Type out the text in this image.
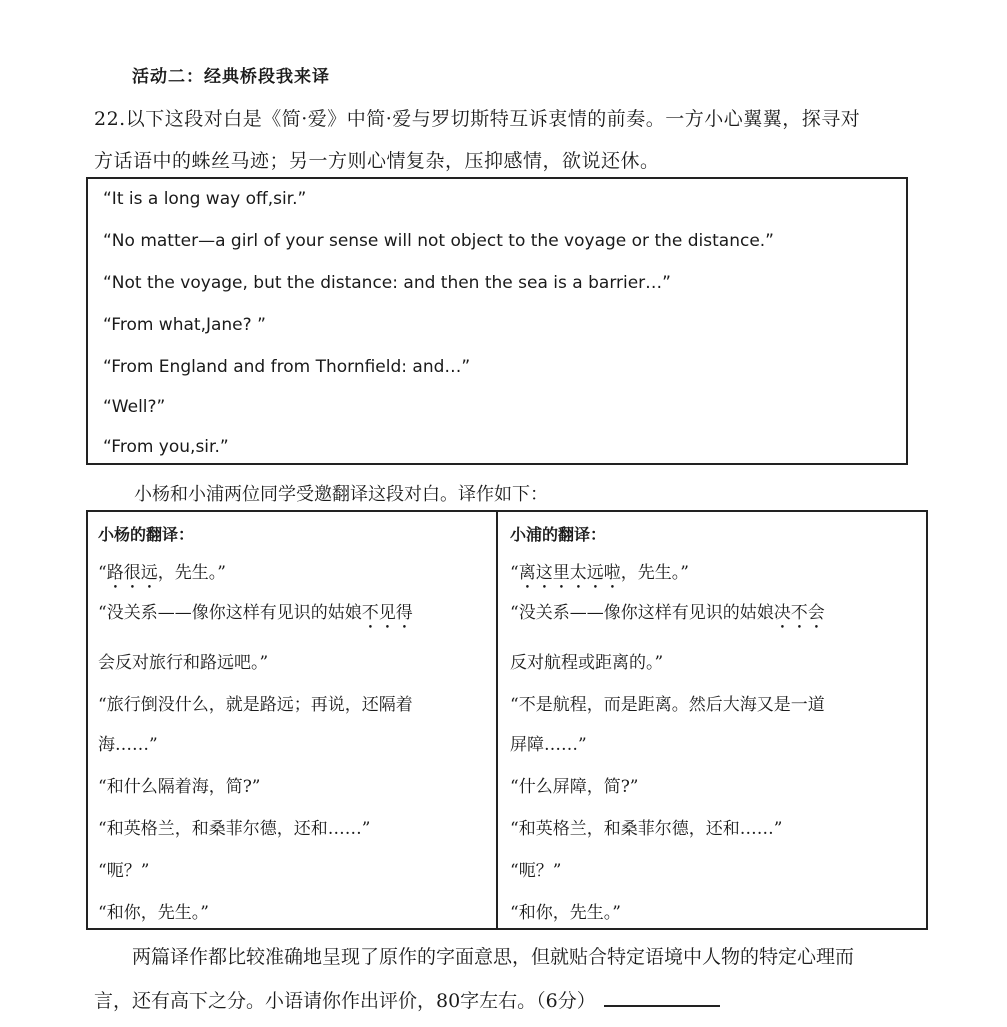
活动二：经典桥段我来译
22.以下这段对白是《简·爱》中简·爱与罗切斯特互诉衷情的前奏。一方小心翼翼，探寻对
方话语中的蛛丝马迹；另一方则心情复杂，压抑感情，欲说还休。
“It is a long way off,sir.”
“No matter—a girl of your sense will not object to the voyage or the distance.”
“Not the voyage, but the distance: and then the sea is a barrier…”
“From what,Jane? ”
“From England and from Thornfield: and…”
“Well?”
“From you,sir.”
小杨和小浦两位同学受邀翻译这段对白。译作如下：
小杨的翻译：
“路很远，先生。”
“没关系——像你这样有见识的姑娘不见得
会反对旅行和路远吧。”
“旅行倒没什么，就是路远；再说，还隔着
海……”
“和什么隔着海，简?”
“和英格兰，和桑菲尔德，还和……”
“呃？”
“和你，先生。”
小浦的翻译：
“离这里太远啦，先生。”
“没关系——像你这样有见识的姑娘决不会
反对航程或距离的。”
“不是航程，而是距离。然后大海又是一道
屏障……”
“什么屏障，简?”
“和英格兰，和桑菲尔德，还和……”
“呃？”
“和你，先生。”
两篇译作都比较准确地呈现了原作的字面意思，但就贴合特定语境中人物的特定心理而
言，还有高下之分。小语请你作出评价，80字左右。（6分）
